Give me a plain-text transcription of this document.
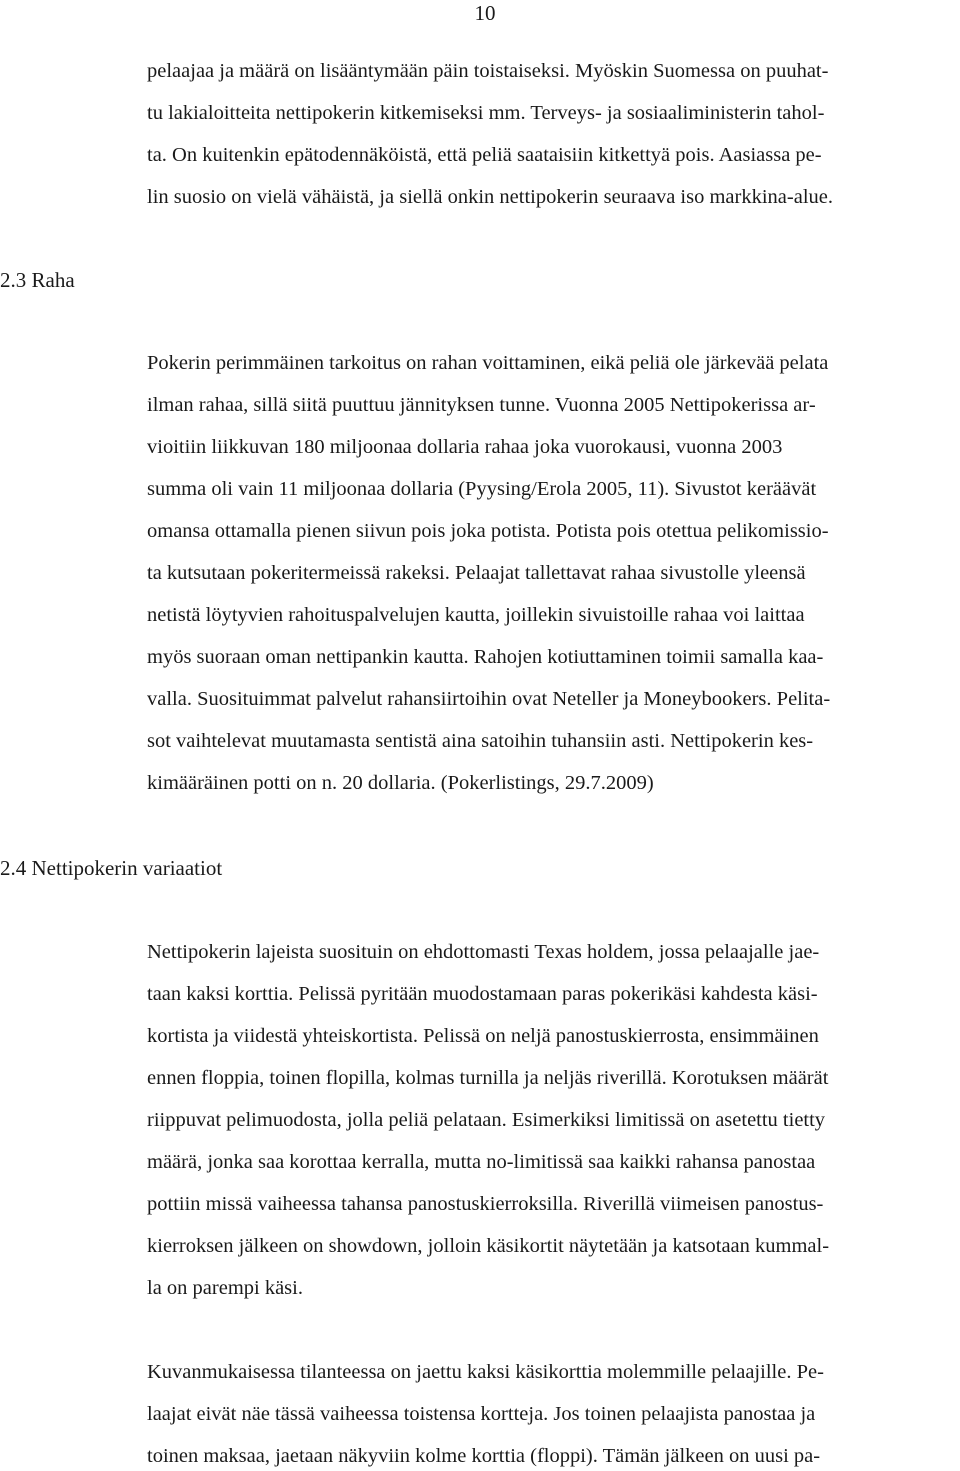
10
pelaajaa ja määrä on lisääntymään päin toistaiseksi. Myöskin Suomessa on puuhat-
tu lakialoitteita nettipokerin kitkemiseksi mm. Terveys- ja sosiaaliministerin tahol-
ta. On kuitenkin epätodennäköistä, että peliä saataisiin kitkettyä pois. Aasiassa pe-
lin suosio on vielä vähäistä, ja siellä onkin nettipokerin seuraava iso markkina-alue.
2.3 Raha
Pokerin perimmäinen tarkoitus on rahan voittaminen, eikä peliä ole järkevää pelata
ilman rahaa, sillä siitä puuttuu jännityksen tunne. Vuonna 2005 Nettipokerissa ar-
vioitiin liikkuvan 180 miljoonaa dollaria rahaa joka vuorokausi, vuonna 2003
summa oli vain 11 miljoonaa dollaria (Pyysing/Erola 2005, 11). Sivustot keräävät
omansa ottamalla pienen siivun pois joka potista. Potista pois otettua pelikomissio-
ta kutsutaan pokeritermeissä rakeksi. Pelaajat tallettavat rahaa sivustolle yleensä
netistä löytyvien rahoituspalvelujen kautta, joillekin sivuistoille rahaa voi laittaa
myös suoraan oman nettipankin kautta. Rahojen kotiuttaminen toimii samalla kaa-
valla. Suosituimmat palvelut rahansiirtoihin ovat Neteller ja Moneybookers. Pelita-
sot vaihtelevat muutamasta sentistä aina satoihin tuhansiin asti. Nettipokerin kes-
kimääräinen potti on n. 20 dollaria. (Pokerlistings, 29.7.2009)
2.4 Nettipokerin variaatiot
Nettipokerin lajeista suosituin on ehdottomasti Texas holdem, jossa pelaajalle jae-
taan kaksi korttia. Pelissä pyritään muodostamaan paras pokerikäsi kahdesta käsi-
kortista ja viidestä yhteiskortista. Pelissä on neljä panostuskierrosta, ensimmäinen
ennen floppia, toinen flopilla, kolmas turnilla ja neljäs riverillä. Korotuksen määrät
riippuvat pelimuodosta, jolla peliä pelataan. Esimerkiksi limitissä on asetettu tietty
määrä, jonka saa korottaa kerralla, mutta no-limitissä saa kaikki rahansa panostaa
pottiin missä vaiheessa tahansa panostuskierroksilla. Riverillä viimeisen panostus-
kierroksen jälkeen on showdown, jolloin käsikortit näytetään ja katsotaan kummal-
la on parempi käsi.
Kuvanmukaisessa tilanteessa on jaettu kaksi käsikorttia molemmille pelaajille. Pe-
laajat eivät näe tässä vaiheessa toistensa kortteja. Jos toinen pelaajista panostaa ja
toinen maksaa, jaetaan näkyviin kolme korttia (floppi). Tämän jälkeen on uusi pa-
